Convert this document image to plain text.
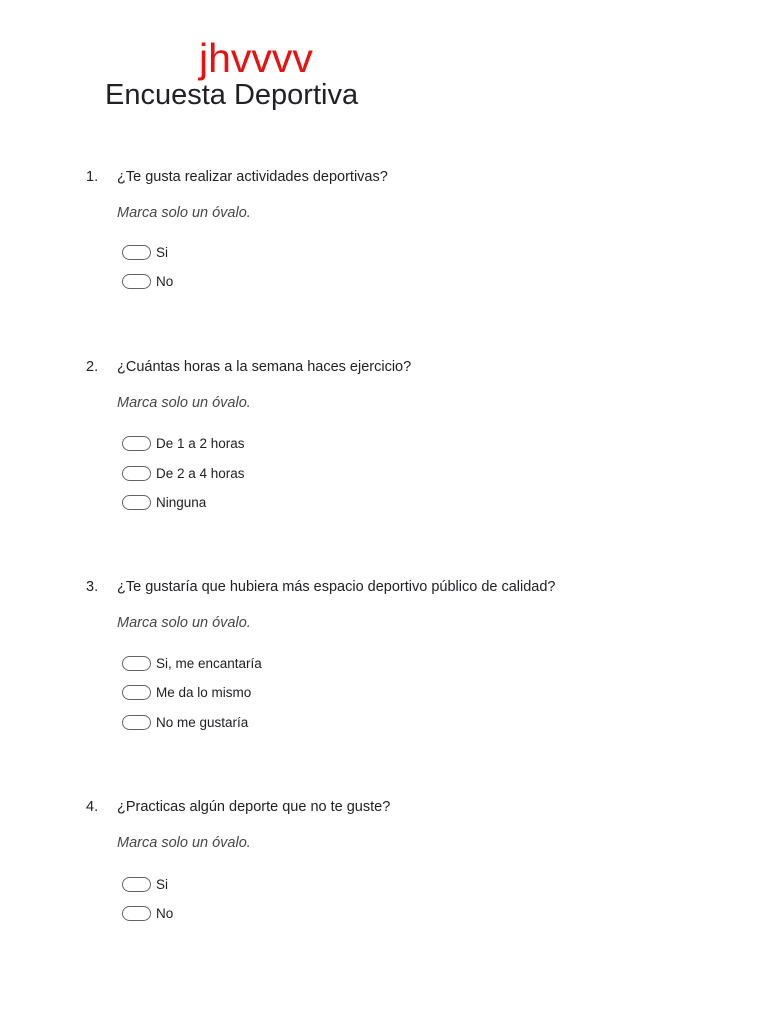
jhvvvv
Encuesta Deportiva
1. ¿Te gusta realizar actividades deportivas?
Marca solo un óvalo.
Si
No
2. ¿Cuántas horas a la semana haces ejercicio?
Marca solo un óvalo.
De 1 a 2 horas
De 2 a 4 horas
Ninguna
3. ¿Te gustaría que hubiera más espacio deportivo público de calidad?
Marca solo un óvalo.
Si, me encantaría
Me da lo mismo
No me gustaría
4. ¿Practicas algún deporte que no te guste?
Marca solo un óvalo.
Si
No
